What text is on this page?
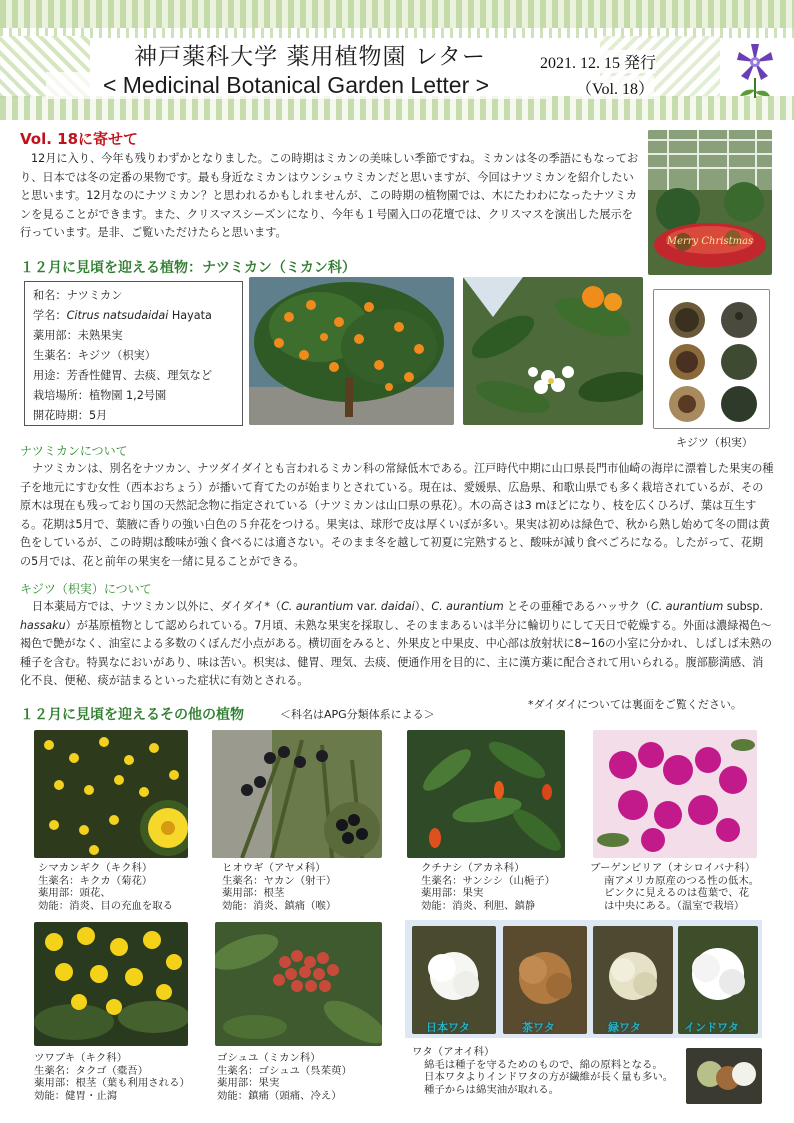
神戸薬科大学 薬用植物園 レター
< Medicinal Botanical Garden Letter >
2021. 12. 15 発行
（Vol. 18）
Vol. 18に寄せて
12月に入り、今年も残りわずかとなりました。この時期はミカンの美味しい季節ですね。ミカンは冬の季語にもなっており、日本では冬の定番の果物です。最も身近なミカンはウンシュウミカンだと思いますが、今回はナツミカンを紹介したいと思います。12月なのにナツミカン？と思われるかもしれませんが、この時期の植物園では、木にたわわになったナツミカンを見ることができます。また、クリスマスシーズンになり、今年も１号園入口の花壇では、クリスマスを演出した展示を行っています。是非、ご覧いただけたらと思います。
Merry Christmas
１２月に見頃を迎える植物：ナツミカン（ミカン科）
和名：ナツミカン
学名：Citrus natsudaidai Hayata
薬用部：未熟果実
生薬名：キジツ（枳実）
用途：芳香性健胃、去痰、理気など
栽培場所：植物園 1,2号園
開花時期：5月
キジツ（枳実）
ナツミカンについて
ナツミカンは、別名をナツカン、ナツダイダイとも言われるミカン科の常緑低木である。江戸時代中期に山口県長門市仙崎の海岸に漂着した果実の種子を地元にすむ女性（西本おちょう）が播いて育てたのが始まりとされている。現在は、愛媛県、広島県、和歌山県でも多く栽培されているが、その原木は現在も残っており国の天然記念物に指定されている（ナツミカンは山口県の県花）。木の高さは3 mほどになり、枝を広くひろげ、葉は互生する。花期は5月で、葉腋に香りの強い白色の５弁花をつける。果実は、球形で皮は厚くいぼが多い。果実は初めは緑色で、秋から熟し始めて冬の間は黄色をしているが、この時期は酸味が強く食べるには適さない。そのまま冬を越して初夏に完熟すると、酸味が減り食べごろになる。したがって、花期の5月では、花と前年の果実を一緒に見ることができる。
キジツ（枳実）について
日本薬局方では、ナツミカン以外に、ダイダイ*（C. aurantium var. daidai）、C. aurantium とその亜種であるハッサク（C. aurantium subsp. hassaku）が基原植物として認められている。7月頃、未熟な果実を採取し、そのままあるいは半分に輪切りにして天日で乾燥する。外面は濃緑褐色～褐色で艶がなく、油室による多数のくぼんだ小点がある。横切面をみると、外果皮と中果皮、中心部は放射状に8~16の小室に分かれ、しばしば未熟の種子を含む。特異なにおいがあり、味は苦い。枳実は、健胃、理気、去痰、便通作用を目的に、主に漢方薬に配合されて用いられる。腹部膨満感、消化不良、便秘、痰が詰まるといった症状に有効とされる。
*ダイダイについては裏面をご覧ください。
１２月に見頃を迎えるその他の植物	＜科名はAPG分類体系による＞
シマカンギク（キク科）
生薬名：キクカ（菊花）
薬用部：頭花、
効能：消炎、目の充血を取る
ヒオウギ（アヤメ科）
生薬名：ヤカン（射干）
薬用部：根茎
効能：消炎、鎮痛（喉）
クチナシ（アカネ科）
生薬名：サンシシ（山梔子）
薬用部：果実
効能：消炎、利胆、鎮静
ブーゲンビリア（オシロイバナ科）
南アメリカ原産のつる性の低木。
ピンクに見えるのは苞葉で、花
は中央にある。（温室で栽培）
日本ワタ	茶ワタ	緑ワタ	インドワタ
ツワブキ（キク科）
生薬名：タクゴ（橐吾）
薬用部：根茎（葉も利用される）
効能：健胃・止瀉
ゴシュユ（ミカン科）
生薬名：ゴシュユ（呉茱萸）
薬用部：果実
効能：鎮痛（頭痛、冷え）
ワタ（アオイ科）
綿毛は種子を守るためのもので、綿の原料となる。
日本ワタよりインドワタの方が繊維が長く量も多い。
種子からは綿実油が取れる。
